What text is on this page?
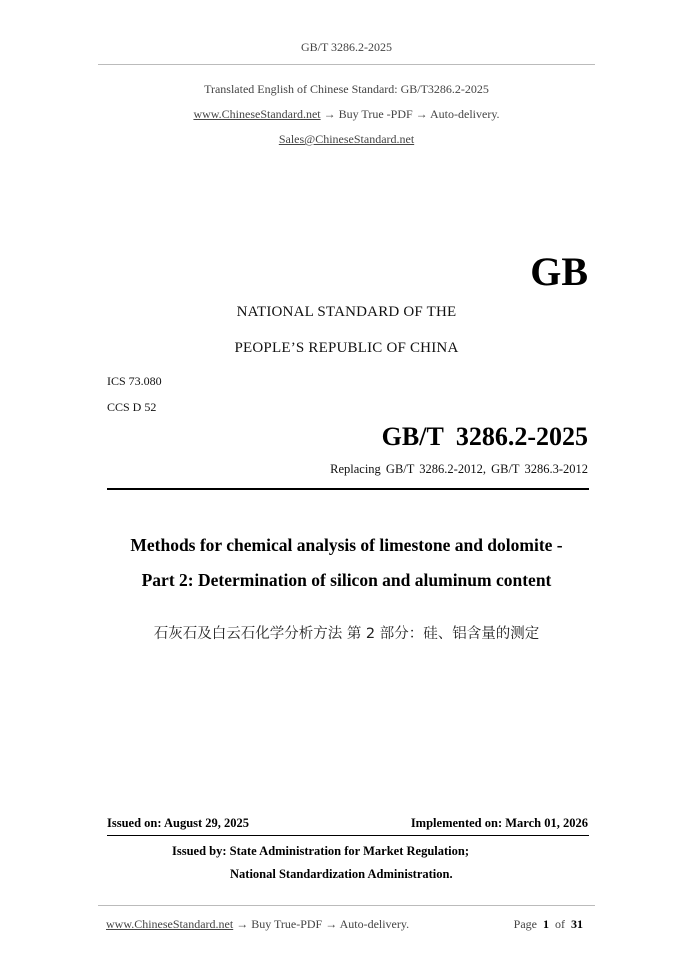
GB/T 3286.2-2025
Translated English of Chinese Standard: GB/T3286.2-2025
www.ChineseStandard.net → Buy True -PDF → Auto-delivery.
Sales@ChineseStandard.net
GB
NATIONAL STANDARD OF THE
PEOPLE’S REPUBLIC OF CHINA
ICS 73.080
CCS D 52
GB/T 3286.2-2025
Replacing GB/T 3286.2-2012, GB/T 3286.3-2012
Methods for chemical analysis of limestone and dolomite -
Part 2: Determination of silicon and aluminum content
石灰石及白云石化学分析方法 第 2 部分：硅、铝含量的测定
Issued on: August 29, 2025	Implemented on: March 01, 2026
Issued by: State Administration for Market Regulation;
National Standardization Administration.
www.ChineseStandard.net → Buy True-PDF → Auto-delivery.	Page 1 of 31
